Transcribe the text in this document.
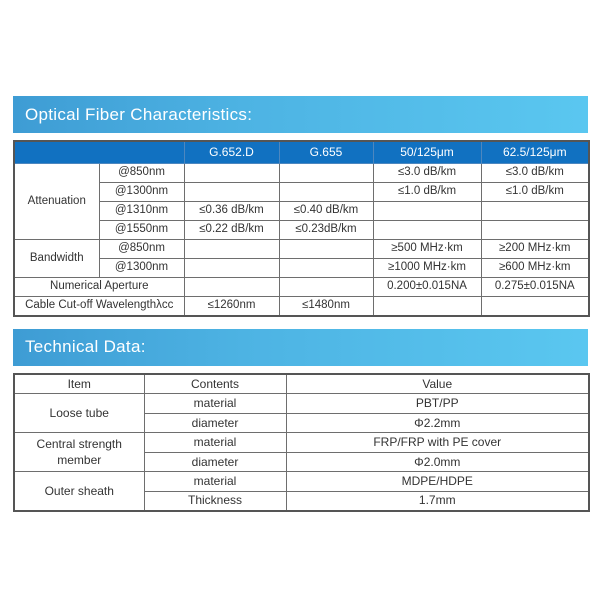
Optical Fiber Characteristics:
		G.652.D	G.655	50/125μm	62.5/125μm
Attenuation	@850nm			≤3.0 dB/km	≤3.0 dB/km
	@1300nm			≤1.0 dB/km	≤1.0 dB/km
	@1310nm	≤0.36 dB/km	≤0.40 dB/km		
	@1550nm	≤0.22 dB/km	≤0.23dB/km		
Bandwidth	@850nm			≥500 MHz·km	≥200 MHz·km
	@1300nm			≥1000 MHz·km	≥600 MHz·km
Numerical Aperture				0.200±0.015NA	0.275±0.015NA
Cable Cut-off Wavelengthλcc		≤1260nm	≤1480nm		
Technical Data:
Item	Contents	Value
Loose tube	material	PBT/PP
	diameter	Φ2.2mm
Central strength member	material	FRP/FRP with PE cover
	diameter	Φ2.0mm
Outer sheath	material	MDPE/HDPE
	Thickness	1.7mm
